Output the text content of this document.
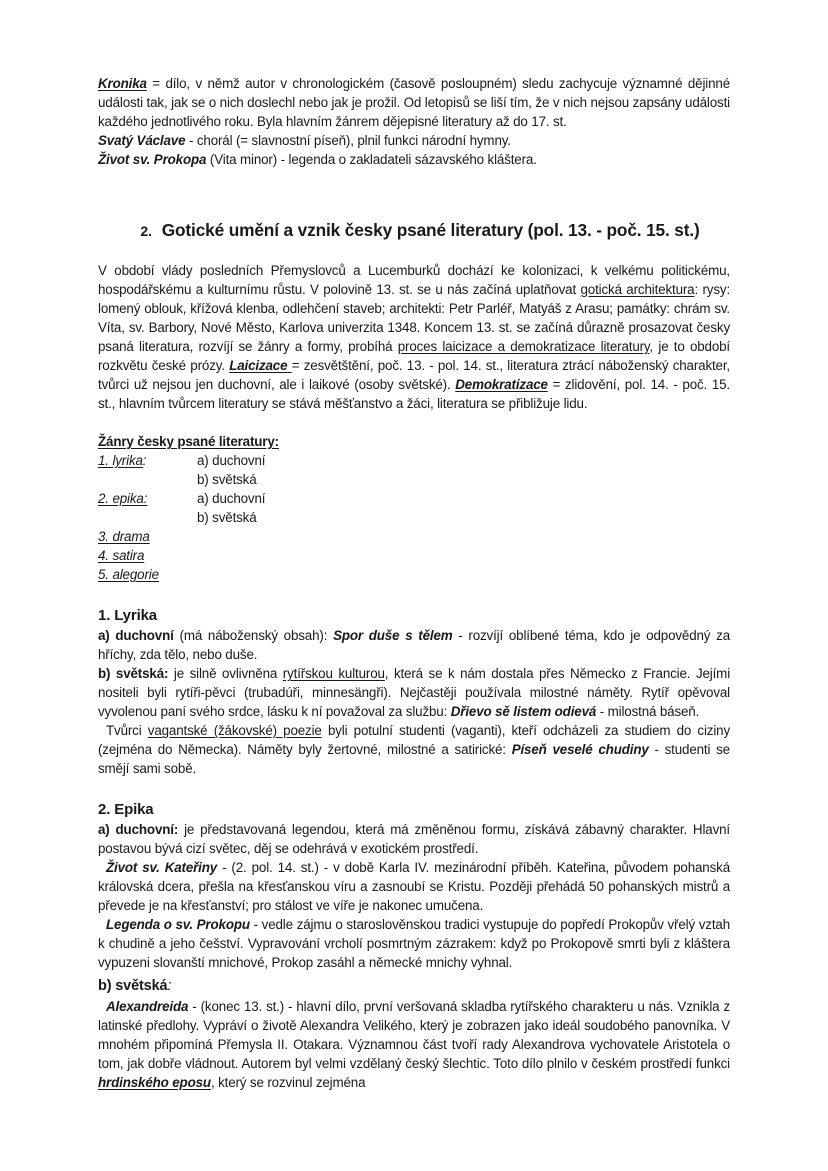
Kronika = dílo, v němž autor v chronologickém (časově posloupném) sledu zachycuje významné dějinné události tak, jak se o nich doslechl nebo jak je prožil. Od letopisů se liší tím, že v nich nejsou zapsány události každého jednotlivého roku. Byla hlavním žánrem dějepisné literatury až do 17. st.

Svatý Václave - chorál (= slavnostní píseň), plnil funkci národní hymny.

Život sv. Prokopa (Vita minor) - legenda o zakladateli sázavského kláštera.

2. Gotické umění a vznik česky psané literatury (pol. 13. - poč. 15. st.)

V období vlády posledních Přemyslovců a Lucemburků dochází ke kolonizaci, k velkému politickému, hospodářskému a kulturnímu růstu. V polovině 13. st. se u nás začíná uplatňovat gotická architektura: rysy: lomený oblouk, křížová klenba, odlehčení staveb; architekti: Petr Parléř, Matyáš z Arasu; památky: chrám sv. Víta, sv. Barbory, Nové Město, Karlova univerzita 1348. Koncem 13. st. se začíná důrazně prosazovat česky psaná literatura, rozvíjí se žánry a formy, probíhá proces laicizace a demokratizace literatury, je to období rozkvětu české prózy. Laicizace = zesvětštění, poč. 13. - pol. 14. st., literatura ztrácí náboženský charakter, tvůrci už nejsou jen duchovní, ale i laikové (osoby světské). Demokratizace = zlidovění, pol. 14. - poč. 15. st., hlavním tvůrcem literatury se stává měšťanstvo a žáci, literatura se přibližuje lidu.

Žánry česky psané literatury:
1. lyrika:	a) duchovní
b) světská
2. epika:	a) duchovní
b) světská
3. drama
4. satira
5. alegorie
1. Lyrika

a) duchovní (má náboženský obsah): Spor duše s tělem - rozvíjí oblíbené téma, kdo je odpovědný za hříchy, zda tělo, nebo duše.

b) světská: je silně ovlivněna rytířskou kulturou, která se k nám dostala přes Německo z Francie. Jejími nositeli byli rytíři-pěvci (trubadúři, minnesängři). Nejčastěji používala milostné náměty. Rytíř opěvoval vyvolenou paní svého srdce, lásku k ní považoval za službu: Dřievo sě listem odievá - milostná báseň.

Tvůrci vagantské (žákovské) poezie byli potulní studenti (vaganti), kteří odcházeli za studiem do ciziny (zejména do Německa). Náměty byly žertovné, milostné a satirické: Píseň veselé chudiny - studenti se smějí sami sobě.

2. Epika

a) duchovní: je představovaná legendou, která má změněnou formu, získává zábavný charakter. Hlavní postavou bývá cizí světec, děj se odehrává v exotickém prostředí.

Život sv. Kateřiny - (2. pol. 14. st.) - v době Karla IV. mezinárodní příběh. Kateřina, původem pohanská královská dcera, přešla na křesťanskou víru a zasnoubí se Kristu. Později přehádá 50 pohanských mistrů a převede je na křesťanství; pro stálost ve víře je nakonec umučena.

Legenda o sv. Prokopu - vedle zájmu o staroslověnskou tradici vystupuje do popředí Prokopův vřelý vztah k chudině a jeho češství. Vypravování vrcholí posmrtným zázrakem: když po Prokopově smrti byli z kláštera vypuzeni slovanští mnichové, Prokop zasáhl a německé mnichy vyhnal.

b) světská:

Alexandreida - (konec 13. st.) - hlavní dílo, první veršovaná skladba rytířského charakteru u nás. Vznikla z latinské předlohy. Vypráví o životě Alexandra Velikého, který je zobrazen jako ideál soudobého panovníka. V mnohém připomíná Přemysla II. Otakara. Významnou část tvoří rady Alexandrova vychovatele Aristotela o tom, jak dobře vládnout. Autorem byl velmi vzdělaný český šlechtic. Toto dílo plnilo v českém prostředí funkci hrdinského eposu, který se rozvinul zejména
